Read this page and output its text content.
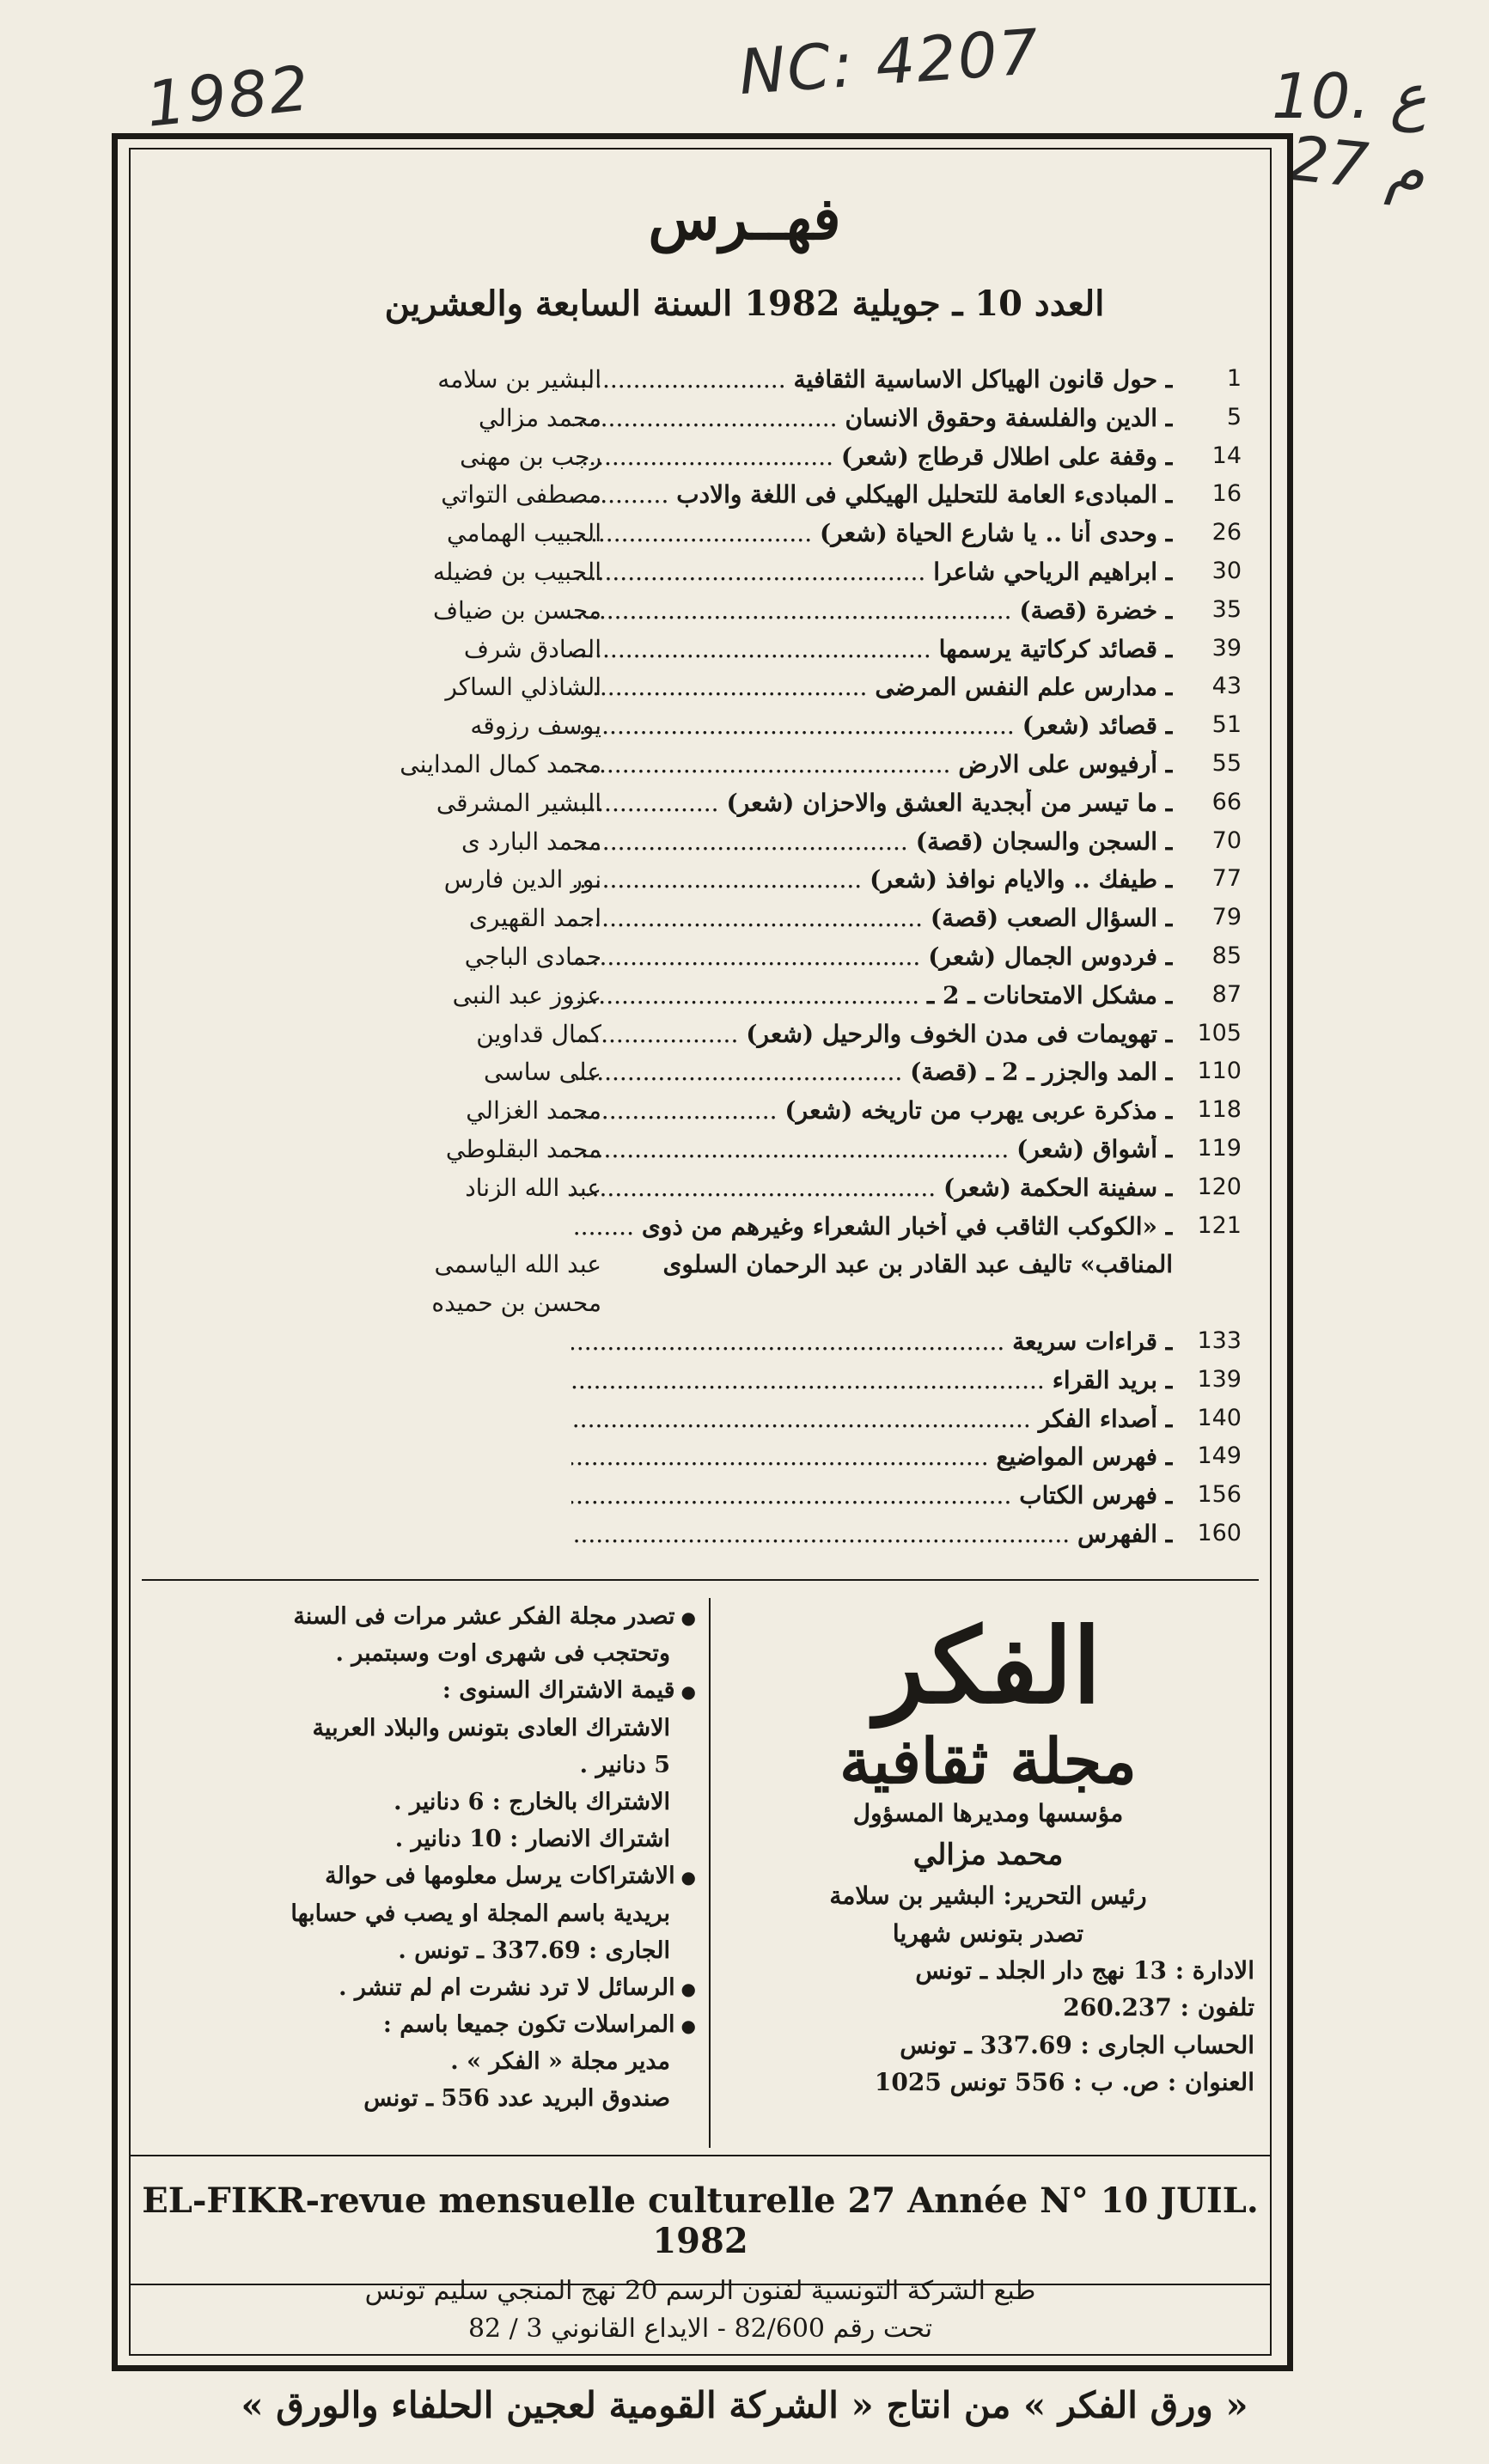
1982	NC: 4207	10. ع
27 م
فهــرس
العدد 10 ـ جويلية 1982 السنة السابعة والعشرين
1
ـ حول قانون الهياكل الاساسية الثقافية .....
البشير بن سلامه
5
ـ الدين والفلسفة وحقوق الانسان .....
محمد مزالي
14
ـ وقفة على اطلال قرطاج (شعر) .....
رجب بن مهنى
16
ـ المبادىء العامة للتحليل الهيكلي فى اللغة والادب .....
مصطفى التواتي
26
ـ وحدى أنا .. يا شارع الحياة (شعر) .....
الحبيب الهمامي
30
ـ ابراهيم الرياحي شاعرا .....
الحبيب بن فضيله
35
ـ خضرة (قصة) .....
محسن بن ضياف
39
ـ قصائد كركاتية يرسمها .....
الصادق شرف
43
ـ مدارس علم النفس المرضى .....
الشاذلي الساكر
51
ـ قصائد (شعر) .....
يوسف رزوقه
55
ـ أرفيوس على الارض .....
محمد كمال المداينى
66
ـ ما تيسر من أبجدية العشق والاحزان (شعر) .....
البشير المشرقى
70
ـ السجن والسجان (قصة) .....
محمد البارد ى
77
ـ طيفك .. والايام نوافذ (شعر) .....
نور الدين فارس
79
ـ السؤال الصعب (قصة) .....
احمد القهيرى
85
ـ فردوس الجمال (شعر) .....
حمادى الباجي
87
ـ مشكل الامتحانات ـ 2 ـ .....
عزوز عبد النبى
105
ـ تهويمات فى مدن الخوف والرحيل (شعر) .....
كمال قداوين
110
ـ المد والجزر ـ 2 ـ (قصة) .....
على ساسى
118
ـ مذكرة عربى يهرب من تاريخه (شعر) .....
محمد الغزالي
119
ـ أشواق (شعر) .....
محمد البقلوطي
120
ـ سفينة الحكمة (شعر) .....
عبد الله الزناد
121
ـ «الكوكب الثاقب في أخبار الشعراء وغيرهم من ذوى .....
المناقب» تاليف عبد القادر بن عبد الرحمان السلوى
عبد الله الياسمى
محسن بن حميده
133
ـ قراءات سريعة .....
139
ـ بريد القراء .....
140
ـ أصداء الفكر .....
149
ـ فهرس المواضيع .....
156
ـ فهرس الكتاب .....
160
ـ الفهرس .....
الفكر
مجلة ثقافية
مؤسسها ومديرها المسؤول
محمد مزالي
رئيس التحرير: البشير بن سلامة
تصدر بتونس شهريا
الادارة : 13 نهج دار الجلد ـ تونس
تلفون : 260.237
الحساب الجارى : 337.69 ـ تونس
العنوان : ص. ب : 556 تونس 1025
● تصدر مجلة الفكر عشر مرات فى السنة
وتحتجب فى شهرى اوت وسبتمبر .
● قيمة الاشتراك السنوى :
الاشتراك العادى بتونس والبلاد العربية
5 دنانير .
الاشتراك بالخارج : 6 دنانير .
اشتراك الانصار : 10 دنانير .
● الاشتراكات يرسل معلومها فى حوالة
بريدية باسم المجلة او يصب في حسابها
الجارى : 337.69 ـ تونس .
● الرسائل لا ترد نشرت ام لم تنشر .
● المراسلات تكون جميعا باسم :
مدير مجلة « الفكر » .
صندوق البريد عدد 556 ـ تونس
EL-FIKR-revue mensuelle culturelle 27 Année N° 10 JUIL. 1982
طبع الشركة التونسية لفنون الرسم 20 نهج المنجي سليم تونس
تحت رقم 82/600 - الايداع القانوني 3 / 82
« ورق الفكر » من انتاج « الشركة القومية لعجين الحلفاء والورق »
